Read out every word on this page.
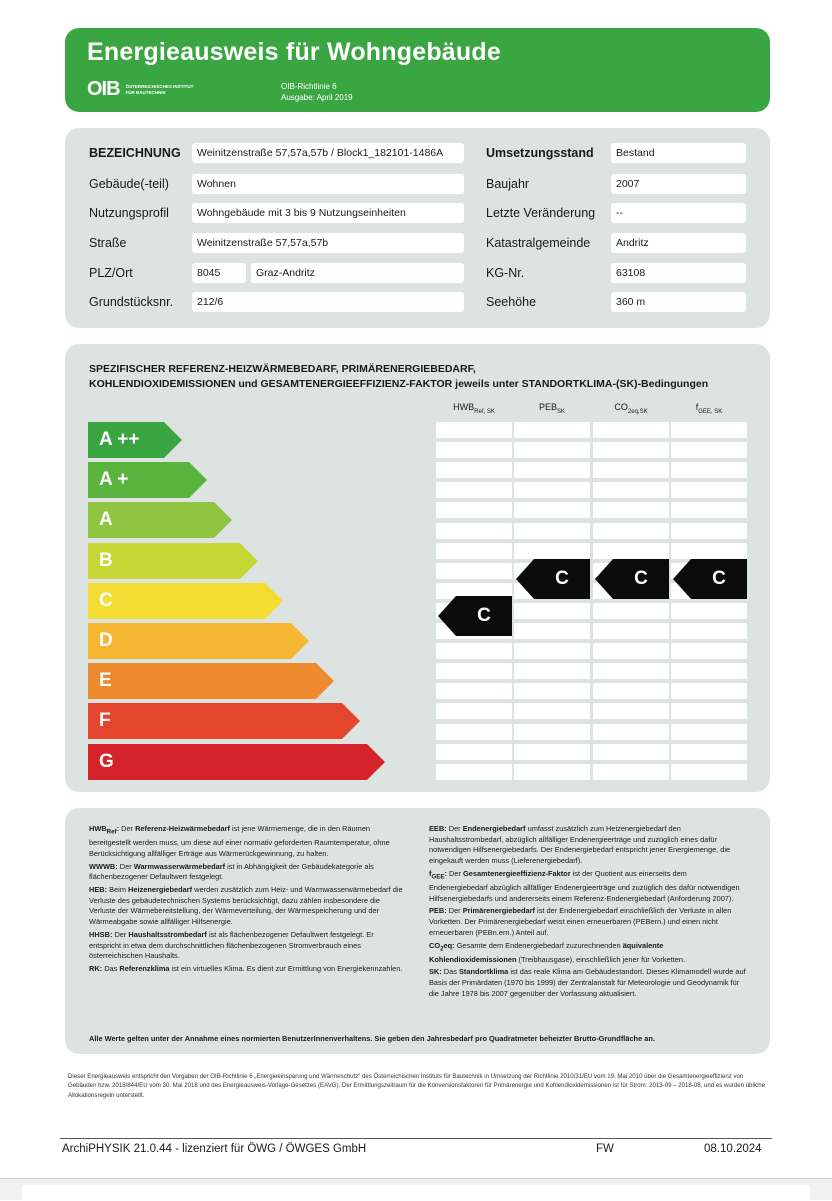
Energieausweis für Wohngebäude
OIB ÖSTERREICHISCHES INSTITUT FÜR BAUTECHNIK
OIB-Richtlinie 6
Ausgabe: April 2019
BEZEICHNUNG	Weinitzenstraße 57,57a,57b / Block1_182101-1486A
Gebäude(-teil)	Wohnen
Nutzungsprofil	Wohngebäude mit 3 bis 9 Nutzungseinheiten
Straße	Weinitzenstraße 57,57a,57b
PLZ/Ort	8045	Graz-Andritz
Grundstücksnr.	212/6
Umsetzungsstand	Bestand
Baujahr	2007
Letzte Veränderung	--
Katastralgemeinde	Andritz
KG-Nr.	63108
Seehöhe	360 m
SPEZIFISCHER REFERENZ-HEIZWÄRMEBEDARF, PRIMÄRENERGIEBEDARF,
KOHLENDIOXIDEMISSIONEN und GESAMTENERGIEEFFIZIENZ-FAKTOR jeweils unter STANDORTKLIMA-(SK)-Bedingungen
$HWB_{Ref, SK}$	$PEB_{SK}$	$CO_{2eq,SK}$	$f_{GEE, SK}$
A ++
A +
A
B
C
D
E
F
G
C
C	C	C

$HWB_{Ref}$: Der Referenz-Heizwärmebedarf ist jene Wärmemenge, die in den Räumen bereitgestellt werden muss, um diese auf einer normativ geforderten Raumtemperatur, ohne Berücksichtigung allfälliger Erträge aus Wärmerückgewinnung, zu halten.

WWWB: Der Warmwasserwärmebedarf ist in Abhängigkeit der Gebäudekategorie als flächenbezogener Defaultwert festgelegt.

HEB: Beim Heizenergiebedarf werden zusätzlich zum Heiz- und Warmwasserwärmebedarf die Verluste des gebäudetechnischen Systems berücksichtigt, dazu zählen insbesondere die Verluste der Wärmebereitstellung, der Wärmeverteilung, der Wärmespeicherung und der Wärmeabgabe sowie allfälliger Hilfsenergie.

HHSB: Der Haushaltsstrombedarf ist als flächenbezogener Defaultwert festgelegt. Er entspricht in etwa dem durchschnittlichen flächenbezogenen Stromverbrauch eines österreichischen Haushalts.

RK: Das Referenzklima ist ein virtuelles Klima. Es dient zur Ermittlung von Energiekennzahlen.

EEB: Der Endenergiebedarf umfasst zusätzlich zum Heizenergiebedarf den Haushaltsstrombedarf, abzüglich allfälliger Endenergieerträge und zuzüglich eines dafür notwendigen Hilfsenergiebedarfs. Der Endenergiebedarf entspricht jener Energiemenge, die eingekauft werden muss (Lieferenergiebedarf).

$f_{GEE}$: Der Gesamtenergieeffizienz-Faktor ist der Quotient aus einerseits dem Endenergiebedarf abzüglich allfälliger Endenergieerträge und zuzüglich des dafür notwendigen Hilfsenergiebedarfs und andererseits einem Referenz-Endenergiebedarf (Anforderung 2007).

PEB: Der Primärenergiebedarf ist der Endenergiebedarf einschließlich der Verluste in allen Vorketten. Der Primärenergiebedarf weist einen erneuerbaren (PEBern.) und einen nicht erneuerbaren (PEBn.ern.) Anteil auf.

$CO_2eq$: Gesamte dem Endenergiebedarf zuzurechnenden äquivalente Kohlendioxidemissionen (Treibhausgase), einschließlich jener für Vorketten.

SK: Das Standortklima ist das reale Klima am Gebäudestandort. Dieses Klimamodell wurde auf Basis der Primärdaten (1970 bis 1999) der Zentralanstalt für Meteorologie und Geodynamik für die Jahre 1978 bis 2007 gegenüber der Vorfassung aktualisiert.

Alle Werte gelten unter der Annahme eines normierten BenutzerInnenverhaltens. Sie geben den Jahresbedarf pro Quadratmeter beheizter Brutto-Grundfläche an.
Dieser Energieausweis entspricht den Vorgaben der OIB-Richtlinie 6 „Energieeinsparung und Wärmeschutz“ des Österreichischen Instituts für Bautechnik in Umsetzung der Richtlinie 2010/31/EU vom 19. Mai 2010 über die Gesamtenergieeffizienz von Gebäuden bzw. 2018/844/EU vom 30. Mai 2018 und des Energieausweis-Vorlage-Gesetzes (EAVG). Der Ermittlungszeitraum für die Konversionsfaktoren für Primärenergie und Kohlendioxidemissionen ist für Strom: 2013-09 – 2018-08, und es wurden übliche Allokationsregeln unterstellt.
ArchiPHYSIK 21.0.44 - lizenziert für ÖWG / ÖWGES GmbH	FW	08.10.2024
